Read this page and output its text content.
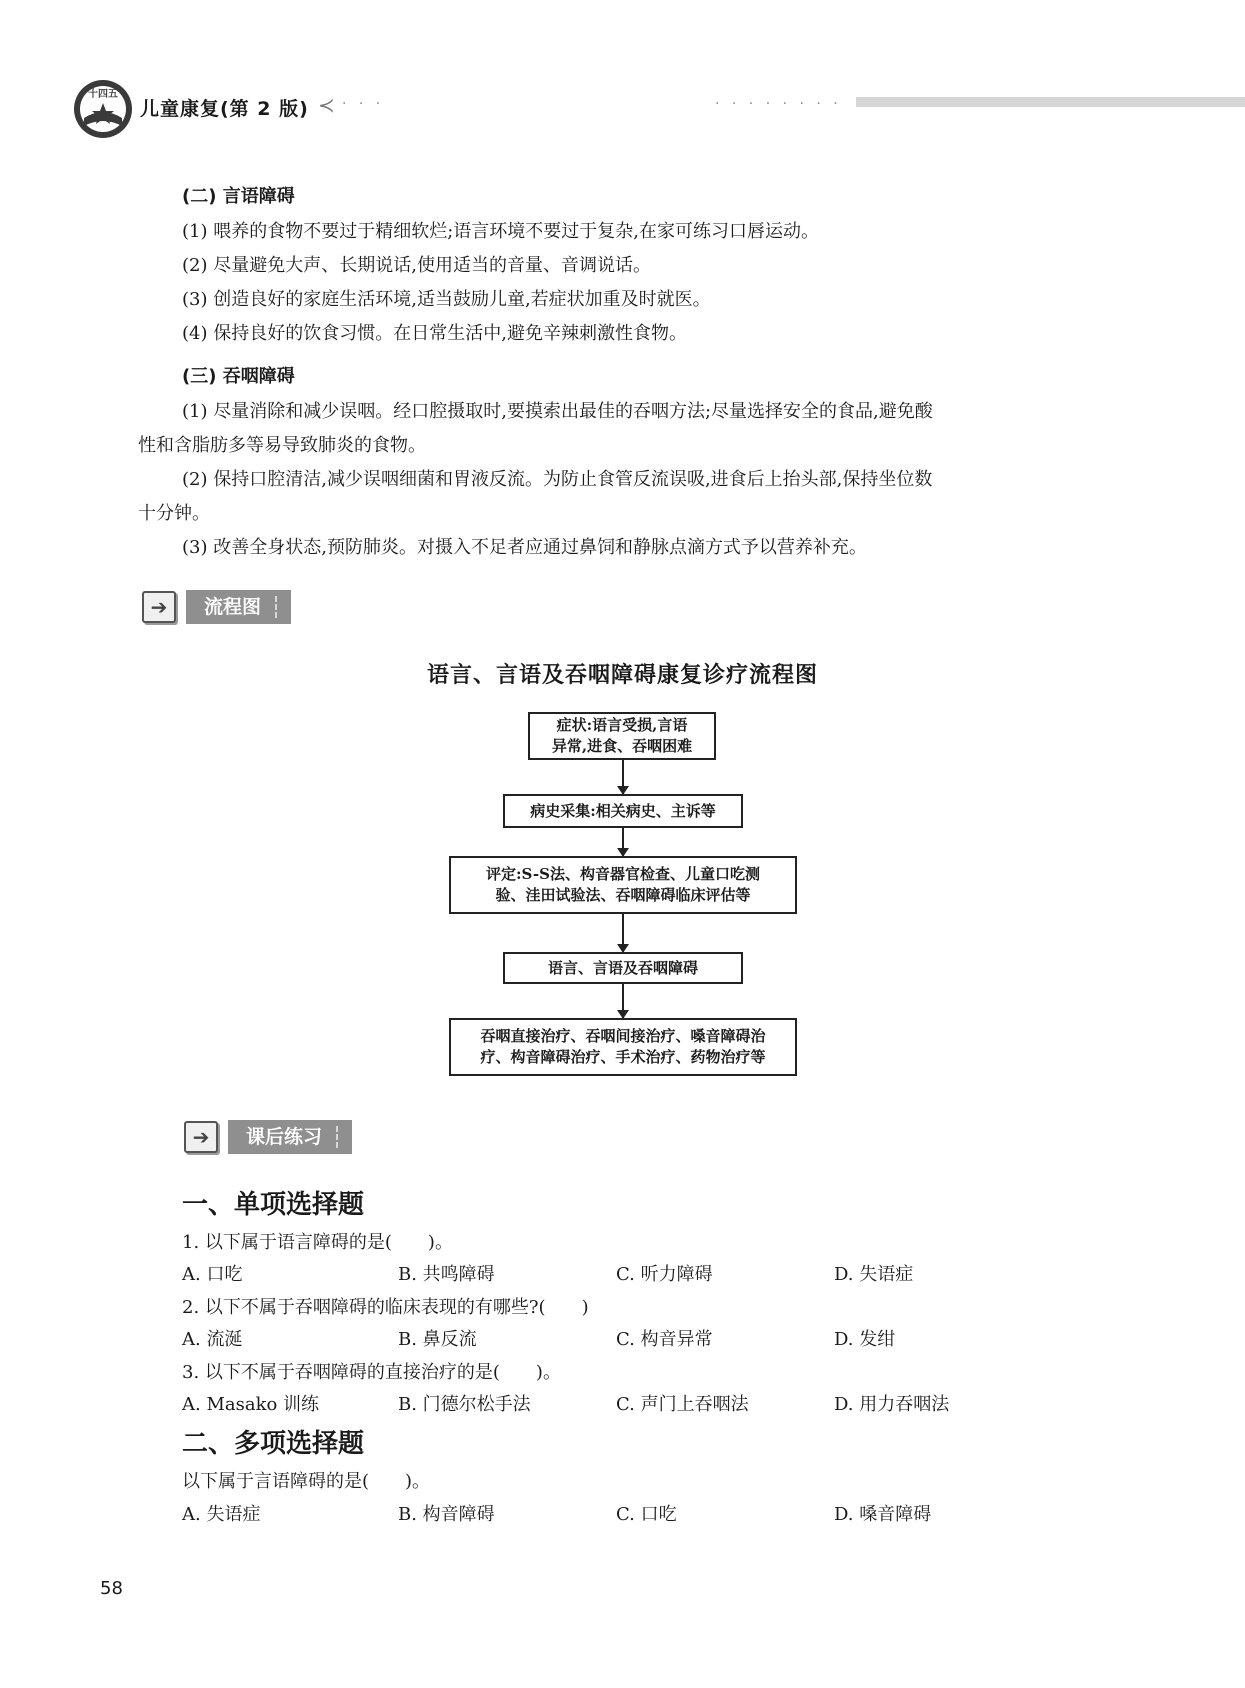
十四五
儿童康复(第 2 版) ≺ · · ·	· · · · · · · ·
(二) 言语障碍
(1) 喂养的食物不要过于精细软烂;语言环境不要过于复杂,在家可练习口唇运动。
(2) 尽量避免大声、长期说话,使用适当的音量、音调说话。
(3) 创造良好的家庭生活环境,适当鼓励儿童,若症状加重及时就医。
(4) 保持良好的饮食习惯。在日常生活中,避免辛辣刺激性食物。
(三) 吞咽障碍
(1) 尽量消除和减少误咽。经口腔摄取时,要摸索出最佳的吞咽方法;尽量选择安全的食品,避免酸
性和含脂肪多等易导致肺炎的食物。
(2) 保持口腔清洁,减少误咽细菌和胃液反流。为防止食管反流误吸,进食后上抬头部,保持坐位数
十分钟。
(3) 改善全身状态,预防肺炎。对摄入不足者应通过鼻饲和静脉点滴方式予以营养补充。
➔	流程图
语言、言语及吞咽障碍康复诊疗流程图
症状:语言受损,言语
异常,进食、吞咽困难
病史采集:相关病史、主诉等
评定:S-S法、构音器官检查、儿童口吃测
验、洼田试验法、吞咽障碍临床评估等
语言、言语及吞咽障碍
吞咽直接治疗、吞咽间接治疗、嗓音障碍治
疗、构音障碍治疗、手术治疗、药物治疗等
➔	课后练习
一、单项选择题
1. 以下属于语言障碍的是(　　)。
A. 口吃	B. 共鸣障碍	C. 听力障碍	D. 失语症
2. 以下不属于吞咽障碍的临床表现的有哪些?(　　)
A. 流涎	B. 鼻反流	C. 构音异常	D. 发绀
3. 以下不属于吞咽障碍的直接治疗的是(　　)。
A. Masako 训练	B. 门德尔松手法	C. 声门上吞咽法	D. 用力吞咽法
二、多项选择题
以下属于言语障碍的是(　　)。
A. 失语症	B. 构音障碍	C. 口吃	D. 嗓音障碍
58
